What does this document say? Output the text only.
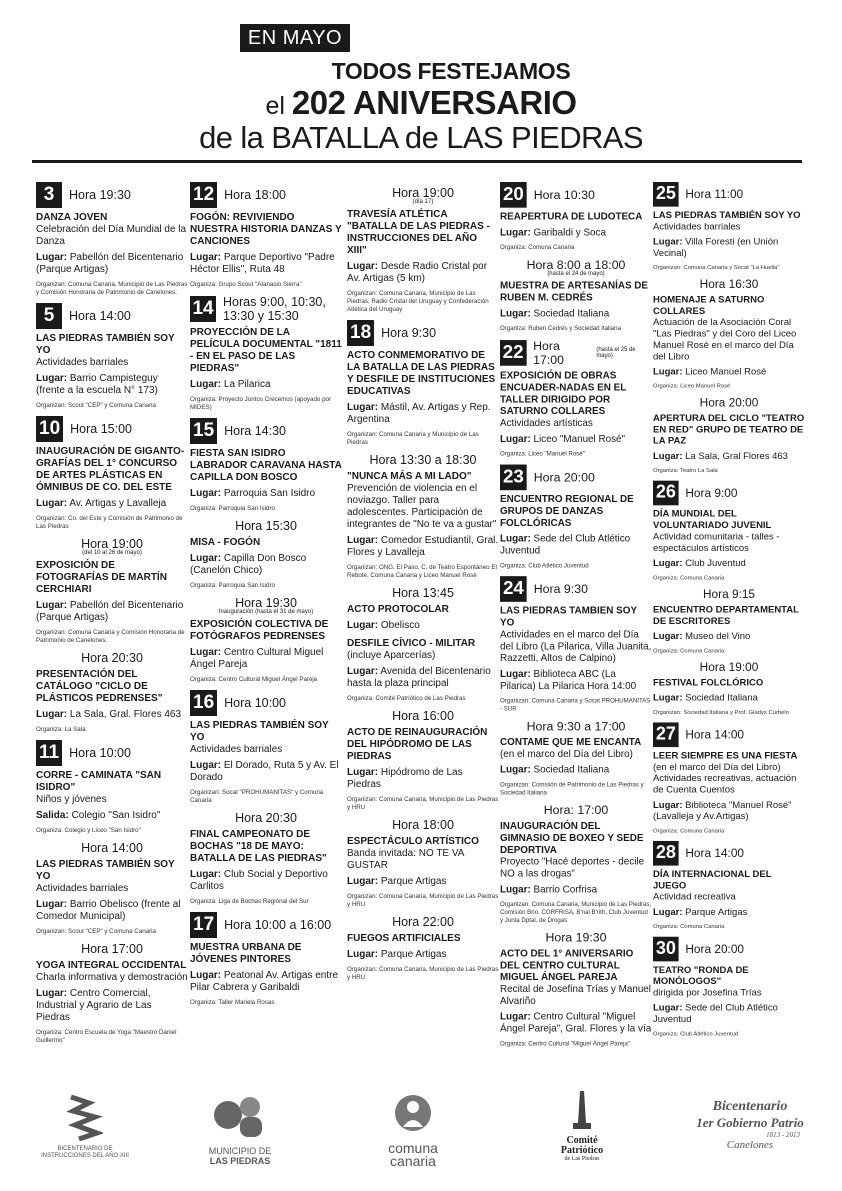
EN MAYO
TODOS FESTEJAMOS
el 202 ANIVERSARIO
de la BATALLA de LAS PIEDRAS
3	Hora 19:30
DANZA JOVEN
Celebración del Día Mundial de la Danza
Lugar: Pabellón del Bicentenario (Parque Artigas)
Organizan: Comuna Canaria, Municipio de Las Piedras y Comisión Honoraria de Patrimonio de Canelones.
5	Hora 14:00
LAS PIEDRAS TAMBIÉN SOY YO
Actividades barriales
Lugar: Barrio Campisteguy (frente a la escuela N° 173)
Organizan: Scout "CEP" y Comuna Canaria
10 Hora 15:00
INAUGURACIÓN DE GIGANTO-GRAFÍAS DEL 1° CONCURSO DE ARTES PLÁSTICAS EN ÓMNIBUS DE CO. DEL ESTE
Lugar: Av. Artigas y Lavalleja
Organizan: Co. del Este y Comisión de Patrimonio de Las Piedras
Hora 19:00
(del 10 al 26 de mayo)
EXPOSICIÓN DE FOTOGRAFÍAS DE MARTÍN CERCHIARI
Lugar: Pabellón del Bicentenario (Parque Artigas)
Organizan: Comuna Canaria y Comisión Honoraria de Patrimonio de Canelones.
Hora 20:30
PRESENTACIÓN DEL CATÁLOGO "CICLO DE PLÁSTICOS PEDRENSES"
Lugar: La Sala, Gral. Flores 463
Organiza: La Sala
11 Hora 10:00
CORRE - CAMINATA "SAN ISIDRO"
Niños y jóvenes
Salida: Colegio "San Isidro"
Organiza: Colegio y Liceo "San Isidro"
Hora 14:00
LAS PIEDRAS TAMBIÉN SOY YO
Actividades barriales
Lugar: Barrio Obelisco (frente al Comedor Municipal)
Organizan: Scout "CEP" y Comuna Canaria
Hora 17:00
YOGA INTEGRAL OCCIDENTAL
Charla informativa y demostración
Lugar: Centro Comercial, Industrial y Agrario de Las Piedras
Organiza: Centro Escuela de Yoga "Maestro Daniel Guillermo"
12 Hora 18:00
FOGÓN: REVIVIENDO NUESTRA HISTORIA DANZAS Y CANCIONES
Lugar: Parque Deportivo "Padre Héctor Ellis", Ruta 48
Organiza: Grupo Scout "Atanasio Sierra"
14 Horas 9:00, 10:30, 13:30 y 15:30
PROYECCIÓN DE LA PELÍCULA DOCUMENTAL "1811 - EN EL PASO DE LAS PIEDRAS"
Lugar: La Pilarica
Organiza: Proyecto Juntos Crecemos (apoyado por MIDES)
15 Hora 14:30
FIESTA SAN ISIDRO LABRADOR CARAVANA HASTA CAPILLA DON BOSCO
Lugar: Parroquia San Isidro
Organiza: Parroquia San Isidro
Hora 15:30
MISA - FOGÓN
Lugar: Capilla Don Bosco (Canelón Chico)
Organiza: Parroquia San Isidro
Hora 19:30
Inauguración (hasta el 31 de mayo)
EXPOSICIÓN COLECTIVA DE FOTÓGRAFOS PEDRENSES
Lugar: Centro Cultural Miguel Ángel Pareja
Organiza: Centro Cultural Miguel Ángel Pareja
16 Hora 10:00
LAS PIEDRAS TAMBIÉN SOY YO
Actividades barriales
Lugar: El Dorado, Ruta 5 y Av. El Dorado
Organizan: Socat "PROHUMANITAS" y Comuna Canaria
Hora 20:30
FINAL CAMPEONATO DE BOCHAS "18 DE MAYO: BATALLA DE LAS PIEDRAS"
Lugar: Club Social y Deportivo Carlitos
Organiza: Liga de Bochas Regional del Sur
17 Hora 10:00 a 16:00
MUESTRA URBANA DE JÓVENES PINTORES
Lugar: Peatonal Av. Artigas entre Pilar Cabrera y Garibaldi
Organiza: Taller Mariela Rosas
Hora 19:00
(día 17)
TRAVESÍA ATLÉTICA "BATALLA DE LAS PIEDRAS - INSTRUCCIONES DEL AÑO XIII"
Lugar: Desde Radio Cristal por Av. Artigas (5 km)
Organizan: Comuna Canaria, Municipio de Las Piedras, Radio Cristal del Uruguay y Confederación Atlética del Uruguay
18 Hora 9:30
ACTO CONMEMORATIVO DE LA BATALLA DE LAS PIEDRAS Y DESFILE DE INSTITUCIONES EDUCATIVAS
Lugar: Mástil, Av. Artigas y Rep. Argentina
Organizan: Comuna Canaria y Municipio de Las Piedras
Hora 13:30 a 18:30
"NUNCA MÁS A MI LADO"
Prevención de violencia en el noviazgo. Taller para adolescentes. Participación de integrantes de "No te va a gustar"
Lugar: Comedor Estudiantil, Gral. Flores y Lavalleja
Organizan: ONG. El Paso, C. de Teatro Espontáneo El Rebote, Comuna Canaria y Liceo Manuel Rosé
Hora 13:45
ACTO PROTOCOLAR
Lugar: Obelisco
DESFILE CÍVICO - MILITAR
(incluye Aparcerías)
Lugar: Avenida del Bicentenario hasta la plaza principal
Organiza: Comité Patriótico de Las Piedras
Hora 16:00
ACTO DE REINAUGURACIÓN DEL HIPÓDROMO DE LAS PIEDRAS
Lugar: Hipódromo de Las Piedras
Organizan: Comuna Canaria, Municipio de Las Piedras y HRU
Hora 18:00
ESPECTÁCULO ARTÍSTICO
Banda invitada: NO TE VA GUSTAR
Lugar: Parque Artigas
Organizan: Comuna Canaria, Municipio de Las Piedras y HRU
Hora 22:00
FUEGOS ARTIFICIALES
Lugar: Parque Artigas
Organizan: Comuna Canaria, Municipio de Las Piedras y HRU
20 Hora 10:30
REAPERTURA DE LUDOTECA
Lugar: Garibaldi y Soca
Organiza: Comuna Canaria
Hora 8:00 a 18:00
(hasta el 24 de mayo)
MUESTRA DE ARTESANÍAS DE RUBEN M. CEDRÉS
Lugar: Sociedad Italiana
Organiza: Ruben Cedrés y Sociedad Italiana
22 Hora 17:00
(hasta el 25 de mayo)
EXPOSICIÓN DE OBRAS ENCUADER-NADAS EN EL TALLER DIRIGIDO POR SATURNO COLLARES
Actividades artísticas
Lugar: Liceo "Manuel Rosé"
Organiza: Liceo "Manuel Rosé"
23 Hora 20:00
ENCUENTRO REGIONAL DE GRUPOS DE DANZAS FOLCLÓRICAS
Lugar: Sede del Club Atlético Juventud
Organiza: Club Atlético Juventud
24 Hora 9:30
LAS PIEDRAS TAMBIEN SOY YO
Actividades en el marco del Día del Libro (La Pilarica, Villa Juanita, Razzetti, Altos de Calpino)
Lugar: Biblioteca ABC (La Pilarica) La Pilarica Hora 14:00
Organizan: Comuna Canaria y Socat PROHUMANITAS - SUR
Hora 9:30 a 17:00
CONTAME QUE ME ENCANTA
(en el marco del Día del Libro)
Lugar: Sociedad Italiana
Organizan: Comisión de Patrimonio de Las Piedras y Sociedad Italiana
Hora: 17:00
INAUGURACIÓN DEL GIMNASIO DE BOXEO Y SEDE DEPORTIVA
Proyecto "Hacé deportes - decile NO a las drogas"
Lugar: Barrio Corfrisa
Organizan: Comuna Canaria, Municipio de Las Piedras, Comisión Brio. CORFRISA, B'nai B'rith, Club Juventud y Junta Dptal. de Drogas
Hora 19:30
ACTO DEL 1° ANIVERSARIO DEL CENTRO CULTURAL MIGUEL ÁNGEL PAREJA
Recital de Josefina Trías y Manuel Alvariño
Lugar: Centro Cultural "Miguel Ángel Pareja", Gral. Flores y la vía
Organiza: Centro Cultural "Miguel Ángel Pareja"
25 Hora 11:00
LAS PIEDRAS TAMBIÉN SOY YO
Actividades barriales
Lugar: Villa Foresti (en Unión Vecinal)
Organizan: Comuna Canaria y Socat "La Huella"
Hora 16:30
HOMENAJE A SATURNO COLLARES
Actuación de la Asociación Coral "Las Piedras" y del Coro del Liceo Manuel Rosé en el marco del Día del Libro
Lugar: Liceo Manuel Rosé
Organiza: Liceo Manuel Rosé
Hora 20:00
APERTURA DEL CICLO "TEATRO EN RED" GRUPO DE TEATRO DE LA PAZ
Lugar: La Sala, Gral Flores 463
Organiza: Teatro La Sala
26 Hora 9:00
DÍA MUNDIAL DEL VOLUNTARIADO JUVENIL
Actividad comunitaria - talles - espectáculos artísticos
Lugar: Club Juventud
Organiza: Comuna Canaria
Hora 9:15
ENCUENTRO DEPARTAMENTAL DE ESCRITORES
Lugar: Museo del Vino
Organiza: Comuna Canaria
Hora 19:00
FESTIVAL FOLCLÓRICO
Lugar: Sociedad Italiana
Organizan: Sociedad Italiana y Prof. Gladys Curbelo
27 Hora 14:00
LEER SIEMPRE ES UNA FIESTA
(en el marco del Día del Libro) Actividades recreativas, actuación de Cuenta Cuentos
Lugar: Biblioteca "Manuel Rosé" (Lavalleja y Av.Artigas)
Organiza: Comuna Canaria
28 Hora 14:00
DÍA INTERNACIONAL DEL JUEGO
Actividad recreativa
Lugar: Parque Artigas
Organiza: Comuna Canaria
30 Hora 20:00
TEATRO "RONDA DE MONÓLOGOS"
dirigida por Josefina Trías
Lugar: Sede del Club Atlético Juventud
Organiza: Club Atlético Juventud
BICENTENARIO DE INSTRUCCIONES DEL AÑO XIII	MUNICIPIO DE
LAS PIEDRAS
comuna
canaria
Comité
Patriótico
de Las Piedras
Bicentenario
1er Gobierno Patrio
1813 - 2013
Canelones
